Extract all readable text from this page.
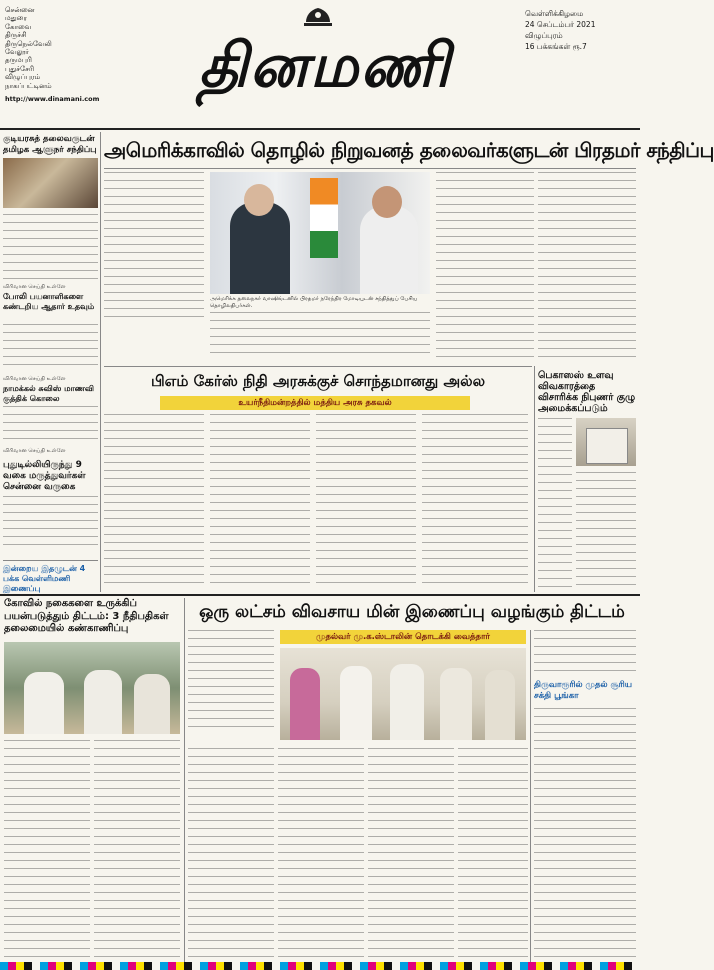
சென்னை
மதுரை
கோவை
திருச்சி
திருநெல்வேலி
வேலூர்
தருமபுரி
புதுச்சேரி
விழுப்புரம்
நாகப்பட்டினம்
http://www.dinamani.com	தினமணி
வெள்ளிக்கிழமை
24 செப்டம்பர் 2021
விழுப்புரம்
16 பக்கங்கள் ரூ.7
குடியரசுத் தலைவருடன் தமிழக ஆளுநர் சந்திப்பு
விரிவான செய்தி உள்ளே
போலி பயனாளிகளை கண்டறிய ஆதார் உதவும்
விரிவான செய்தி உள்ளே
நாமக்கல் சுவிஸ் மாணவி குத்திக் கொலை
விரிவான செய்தி உள்ளே
புதுடில்லியிருந்து 9 வகை மருத்துவர்கள் சென்னை வருகை
இன்றைய இதழுடன் 4 பக்க வெள்ளிமணி இணைப்பு
அமெரிக்காவில் தொழில் நிறுவனத் தலைவர்களுடன் பிரதமர் சந்திப்பு
அமெரிக்க தலைநகர் வாஷிங்டனில் பிரதமர் நரேந்திர மோடியுடன் சந்தித்துப் பேசிய தொழிலதிபர்கள்.
பிஎம் கேர்ஸ் நிதி அரசுக்குச் சொந்தமானது அல்ல
உயர்நீதிமன்றத்தில் மத்திய அரசு தகவல்
பெகாஸஸ் உளவு விவகாரத்தை விசாரிக்க நிபுணர் குழு அமைக்கப்படும்
கோவில் நகைகளை உருக்கிப் பயன்படுத்தும் திட்டம்: 3 நீதிபதிகள் தலைமையில் கண்காணிப்பு
ஒரு லட்சம் விவசாய மின் இணைப்பு வழங்கும் திட்டம்
முதல்வர் மு.க.ஸ்டாலின் தொடக்கி வைத்தார்
திருவாரூரில் முதல் சூரிய சக்தி பூங்கா
